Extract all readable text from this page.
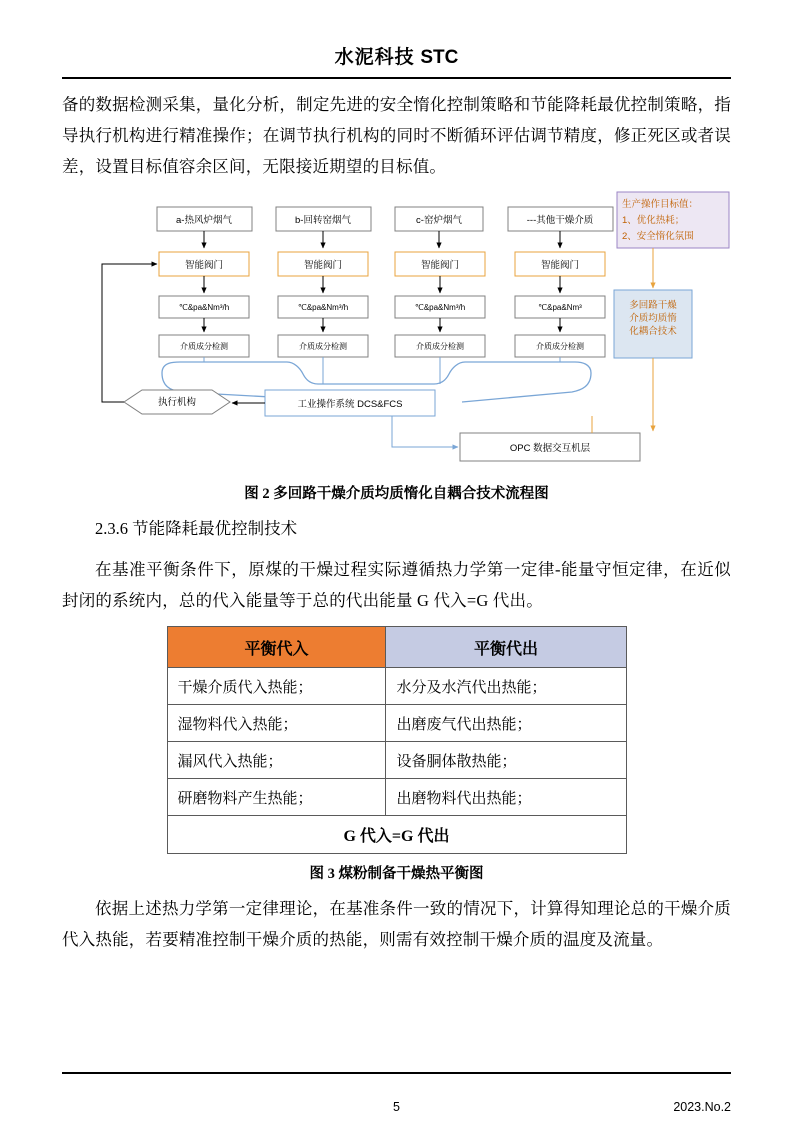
水泥科技 STC

备的数据检测采集，量化分析，制定先进的安全惰化控制策略和节能降耗最优控制策略，指导执行机构进行精准操作；在调节执行机构的同时不断循环评估调节精度，修正死区或者误差，设置目标值容余区间，无限接近期望的目标值。

a-热风炉烟气	b-回转窑烟气	c-窑炉烟气	---其他干燥介质
生产操作目标值：
1、优化热耗；
2、安全惰化氛围
智能阀门	智能阀门	智能阀门	智能阀门
℃&pa&Nm³/h	℃&pa&Nm³/h	℃&pa&Nm³/h	℃&pa&Nm³
介质成分检测	介质成分检测	介质成分检测	介质成分检测
多回路干燥
介质均质惰
化耦合技术
执行机构	工业操作系统 DCS&FCS
OPC 数据交互机层
图 2 多回路干燥介质均质惰化自耦合技术流程图
2.3.6 节能降耗最优控制技术

在基准平衡条件下，原煤的干燥过程实际遵循热力学第一定律-能量守恒定律，在近似封闭的系统内，总的代入能量等于总的代出能量 G 代入=G 代出。

平衡代入	平衡代出
干燥介质代入热能；	水分及水汽代出热能；
湿物料代入热能；	出磨废气代出热能；
漏风代入热能；	设备胴体散热能；
研磨物料产生热能；	出磨物料代出热能；
G 代入=G 代出	
图 3 煤粉制备干燥热平衡图

依据上述热力学第一定律理论，在基准条件一致的情况下，计算得知理论总的干燥介质代入热能，若要精准控制干燥介质的热能，则需有效控制干燥介质的温度及流量。

5	2023.No.2
